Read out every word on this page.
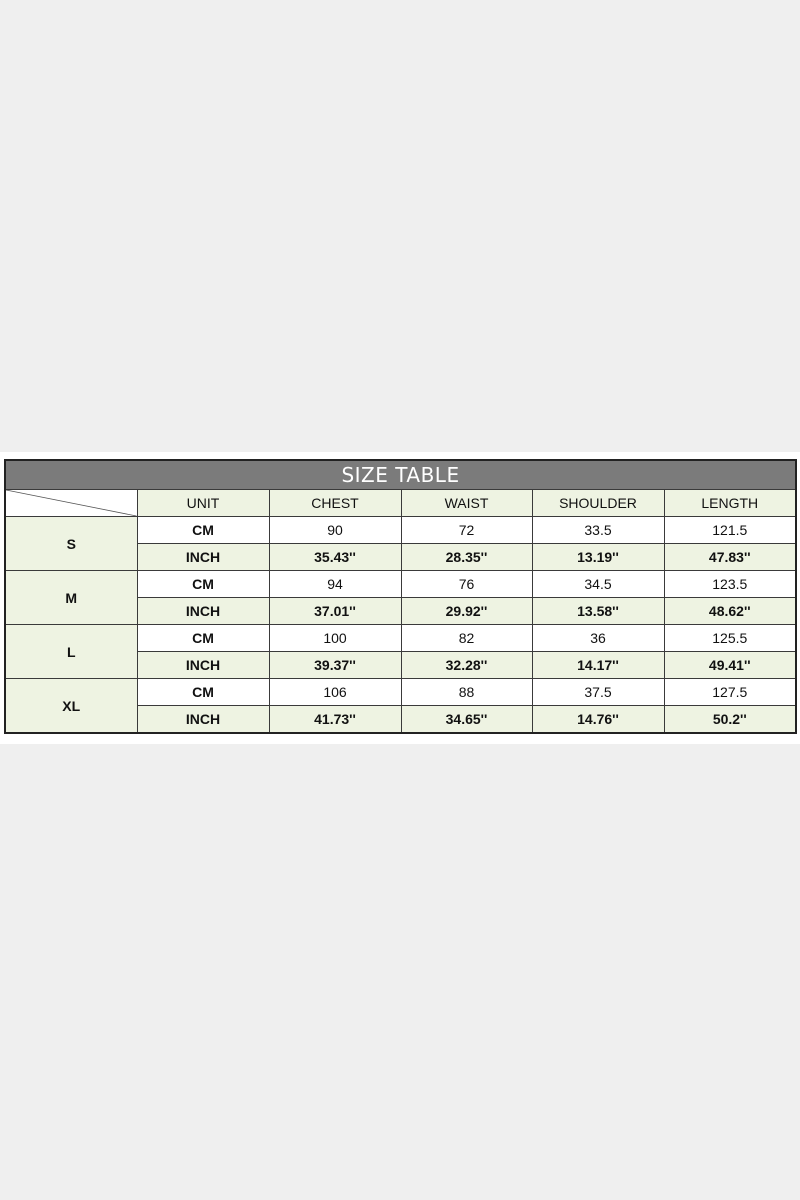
SIZE TABLE					

	UNIT	CHEST	WAIST	SHOULDER	LENGTH
S	CM	90	72	33.5	121.5
	INCH	35.43''	28.35''	13.19''	47.83''
M	CM	94	76	34.5	123.5
	INCH	37.01''	29.92''	13.58''	48.62''
L	CM	100	82	36	125.5
	INCH	39.37''	32.28''	14.17''	49.41''
XL	CM	106	88	37.5	127.5
	INCH	41.73''	34.65''	14.76''	50.2''
